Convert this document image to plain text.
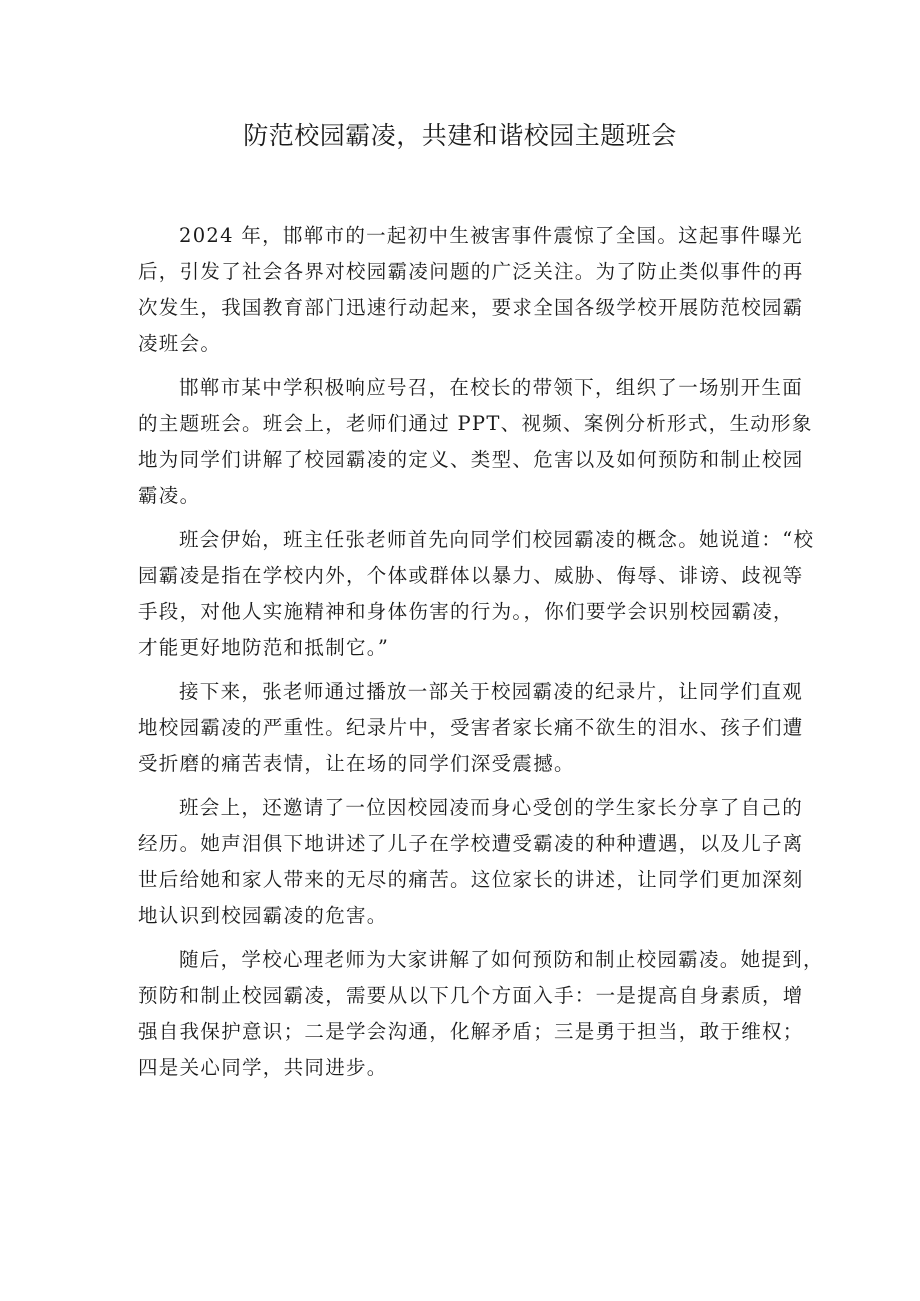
防范校园霸凌，共建和谐校园主题班会

2024 年，邯郸市的一起初中生被害事件震惊了全国。这起事件曝光
后，引发了社会各界对校园霸凌问题的广泛关注。为了防止类似事件的再
次发生，我国教育部门迅速行动起来，要求全国各级学校开展防范校园霸
凌班会。

邯郸市某中学积极响应号召，在校长的带领下，组织了一场别开生面
的主题班会。班会上，老师们通过 PPT、视频、案例分析形式，生动形象
地为同学们讲解了校园霸凌的定义、类型、危害以及如何预防和制止校园
霸凌。

班会伊始，班主任张老师首先向同学们校园霸凌的概念。她说道：“校
园霸凌是指在学校内外，个体或群体以暴力、威胁、侮辱、诽谤、歧视等
手段，对他人实施精神和身体伤害的行为。，你们要学会识别校园霸凌，
才能更好地防范和抵制它。”

接下来，张老师通过播放一部关于校园霸凌的纪录片，让同学们直观
地校园霸凌的严重性。纪录片中，受害者家长痛不欲生的泪水、孩子们遭
受折磨的痛苦表情，让在场的同学们深受震撼。

班会上，还邀请了一位因校园凌而身心受创的学生家长分享了自己的
经历。她声泪俱下地讲述了儿子在学校遭受霸凌的种种遭遇，以及儿子离
世后给她和家人带来的无尽的痛苦。这位家长的讲述，让同学们更加深刻
地认识到校园霸凌的危害。

随后，学校心理老师为大家讲解了如何预防和制止校园霸凌。她提到，
预防和制止校园霸凌，需要从以下几个方面入手：一是提高自身素质，增
强自我保护意识；二是学会沟通，化解矛盾；三是勇于担当，敢于维权；
四是关心同学，共同进步。
